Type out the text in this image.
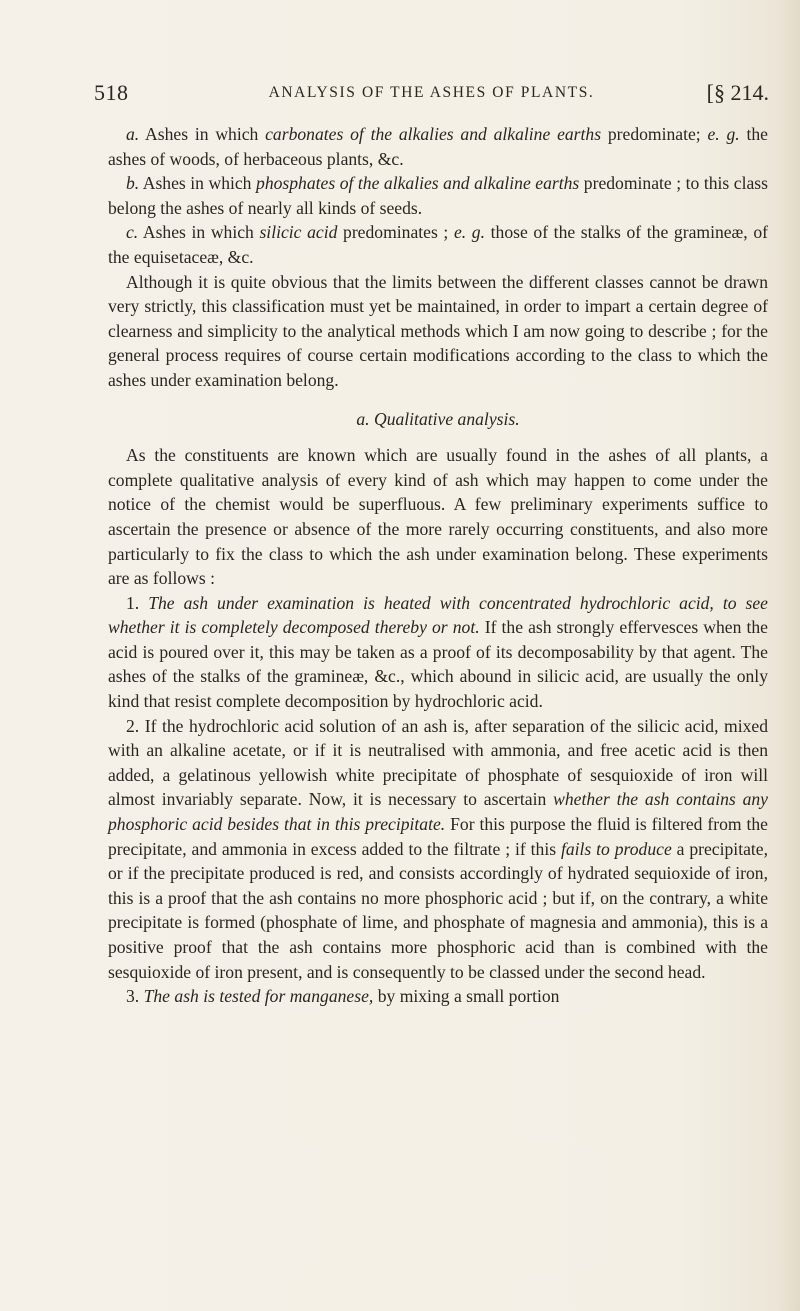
518	ANALYSIS OF THE ASHES OF PLANTS.	[§ 214.

a. Ashes in which carbonates of the alkalies and alkaline earths predominate; e. g. the ashes of woods, of herbaceous plants, &c.

b. Ashes in which phosphates of the alkalies and alkaline earths predominate ; to this class belong the ashes of nearly all kinds of seeds.

c. Ashes in which silicic acid predominates ; e. g. those of the stalks of the gramineæ, of the equisetaceæ, &c.

Although it is quite obvious that the limits between the different classes cannot be drawn very strictly, this classification must yet be maintained, in order to impart a certain degree of clearness and simplicity to the analytical methods which I am now going to describe ; for the general process requires of course certain modifications according to the class to which the ashes under examination belong.

a. Qualitative analysis.

As the constituents are known which are usually found in the ashes of all plants, a complete qualitative analysis of every kind of ash which may happen to come under the notice of the chemist would be superfluous. A few preliminary experiments suffice to ascertain the presence or absence of the more rarely occurring constituents, and also more particularly to fix the class to which the ash under examination belong. These experiments are as follows :

1. The ash under examination is heated with concentrated hydrochloric acid, to see whether it is completely decomposed thereby or not. If the ash strongly effervesces when the acid is poured over it, this may be taken as a proof of its decomposability by that agent. The ashes of the stalks of the gramineæ, &c., which abound in silicic acid, are usually the only kind that resist complete decomposition by hydrochloric acid.

2. If the hydrochloric acid solution of an ash is, after separation of the silicic acid, mixed with an alkaline acetate, or if it is neutralised with ammonia, and free acetic acid is then added, a gelatinous yellowish white precipitate of phosphate of sesquioxide of iron will almost invariably separate. Now, it is necessary to ascertain whether the ash contains any phosphoric acid besides that in this precipitate. For this purpose the fluid is filtered from the precipitate, and ammonia in excess added to the filtrate ; if this fails to produce a precipitate, or if the precipitate produced is red, and consists accordingly of hydrated sequioxide of iron, this is a proof that the ash contains no more phosphoric acid ; but if, on the contrary, a white precipitate is formed (phosphate of lime, and phosphate of magnesia and ammonia), this is a positive proof that the ash contains more phosphoric acid than is combined with the sesquioxide of iron present, and is consequently to be classed under the second head.

3. The ash is tested for manganese, by mixing a small portion
